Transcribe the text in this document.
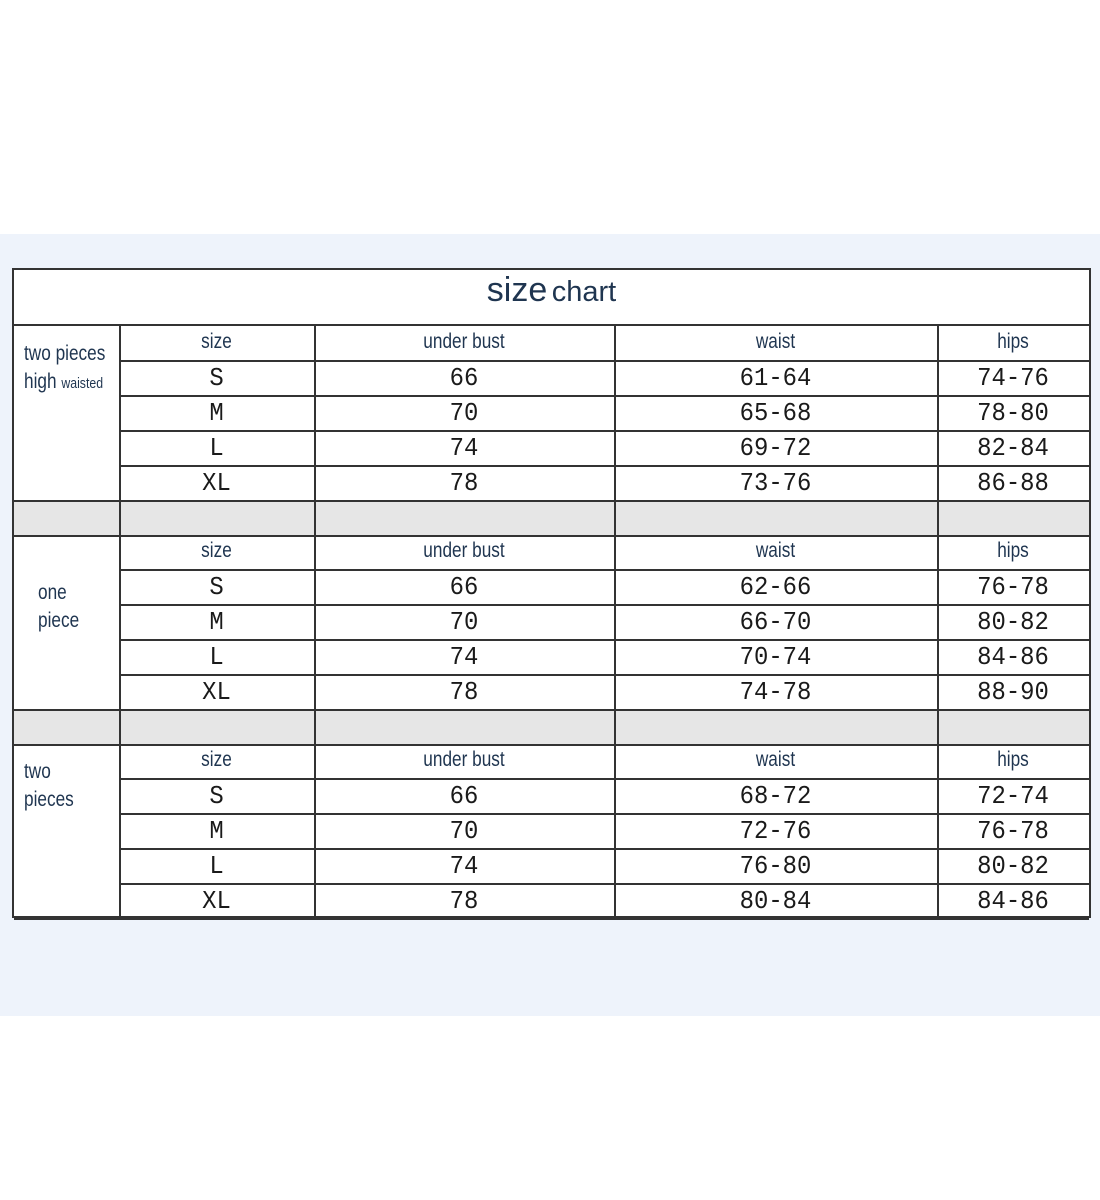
size chart
two pieces
high waisted
size	under bust	waist	hips
S	66	61-64	74-76
M	70	65-68	78-80
L	74	69-72	82-84
XL	78	73-76	86-88
one
piece
size	under bust	waist	hips
S	66	62-66	76-78
M	70	66-70	80-82
L	74	70-74	84-86
XL	78	74-78	88-90
two
pieces
size	under bust	waist	hips
S	66	68-72	72-74
M	70	72-76	76-78
L	74	76-80	80-82
XL	78	80-84	84-86
